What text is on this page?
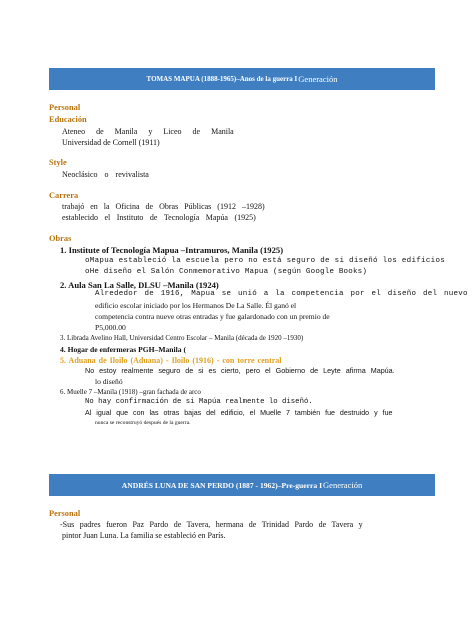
TOMAS MAPUA (1888-1965)–Anos de la guerra I Generación
Personal
Educación
Ateneo de Manila y Liceo de Manila
Universidad de Cornell (1911)
Style
Neoclásico o revivalista
Carrera
trabajó en la Oficina de Obras Públicas (1912 –1928)
establecido el Instituto de Tecnología Mapúa (1925)
Obras
1. Institute of Tecnología Mapua –Intramuros, Manila (1925)
oMapua estableció la escuela pero no está seguro de si diseñó los edificios
oHe diseño el Salón Conmemorativo Mapua (según Google Books)
2. Aula San La Salle, DLSU –Manila (1924)
Alrededor de 1916, Mapua se unió a la competencia por el diseño del nuevo
edificio escolar iniciado por los Hermanos De La Salle. Él ganó el
competencia contra nueve otras entradas y fue galardonado con un premio de
P5,000.00
3. Librada Avelino Hall, Universidad Centro Escolar – Manila (década de 1920 –1930)
4. Hogar de enfermeras PGH–Manila (
5. Aduana de Iloilo (Aduana) - Iloilo (1916) - con torre central
No estoy realmente seguro de si es cierto, pero el Gobierno de Leyte afirma Mapúa.
lo diseñó
6. Muelle 7 –Manila (1918) –gran fachada de arco
No hay confirmación de si Mapúa realmente lo diseñó.
Al igual que con las otras bajas del edificio, el Muelle 7 también fue destruido y fue
nunca se reconstruyó después de la guerra.
ANDRÉS LUNA DE SAN PERDO (1887 - 1962)–Pre-guerra I Generación
Personal
-Sus padres fueron Paz Pardo de Tavera, hermana de Trinidad Pardo de Tavera y
pintor Juan Luna. La familia se estableció en París.
